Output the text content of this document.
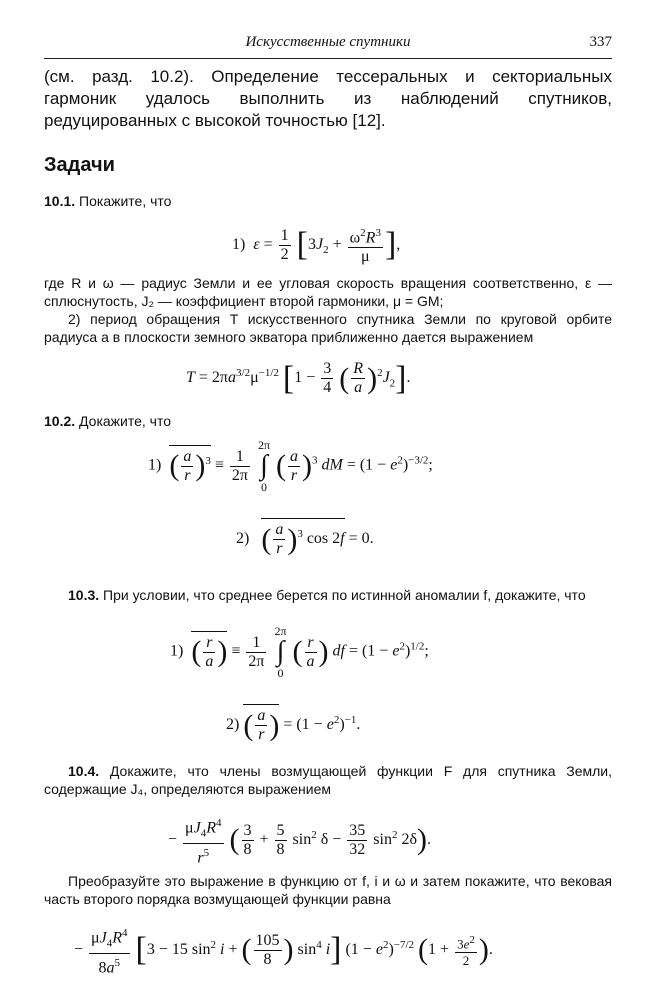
Искусственные спутники	337
(см. разд. 10.2). Определение тессеральных и секториальных гармоник удалось выполнить из наблюдений спутников, редуцированных с высокой точностью [12].
Задачи
10.1. Покажите, что
1) $\varepsilon = \frac{1}{2} [3J_2 + \frac{\omega^2R^3}{\mu}$ ],
где R и ω — радиус Земли и ее угловая скорость вращения соответственно, ε — сплюснутость, J₂ — коэффициент второй гармоники, μ = GM;
2) период обращения T искусственного спутника Земли по круговой орбите радиуса a в плоскости земного экватора приближенно дается выражением
$T = 2\pi a^{3/2}\mu^{-1/2}$ [$1 - \frac{3}{4}$ ( $\frac{R}{a} )^2J_2$].
10.2. Докажите, что
1) ( $\frac{a}{r} )^3 \equiv \frac{1}{2\pi}$

2π
∫
0
( $\frac{a}{r} )^3$ dM = $(1 - e^2)^{-3/2}$;
2) ( $\frac{a}{r} )^3$ cos 2f = 0.
10.3. При условии, что среднее берется по истинной аномалии f, докажите, что
1) ( $\frac{r}{a}$ ) ≡ $\frac{1}{2\pi}$

2π
∫
0
( $\frac{r}{a}$ ) df = $(1 - e^2)^{1/2}$;
2) ( $\frac{a}{r}$ ) = $(1 - e^2)^{-1}$.
10.4. Докажите, что члены возмущающей функции F для спутника Земли, содержащие J₄, определяются выражением
− $\frac{\mu J_4R^4}{r^5}$ ( $\frac{3}{8} + \frac{5}{8} \sin^2 \delta - \frac{35}{32} \sin^2 2\delta$).
Преобразуйте это выражение в функцию от f, i и ω и затем покажите, что вековая часть второго порядка возмущающей функции равна
− $\frac{\mu J_4R^4}{8a^5} [3 - 15$ $\sin^2 i$ + ( $\frac{105}{8}$ ) $\sin^4 i$] $(1 - e^2)^{-7/2}$ ($1 + \frac{3e^2}{2}$ ).
